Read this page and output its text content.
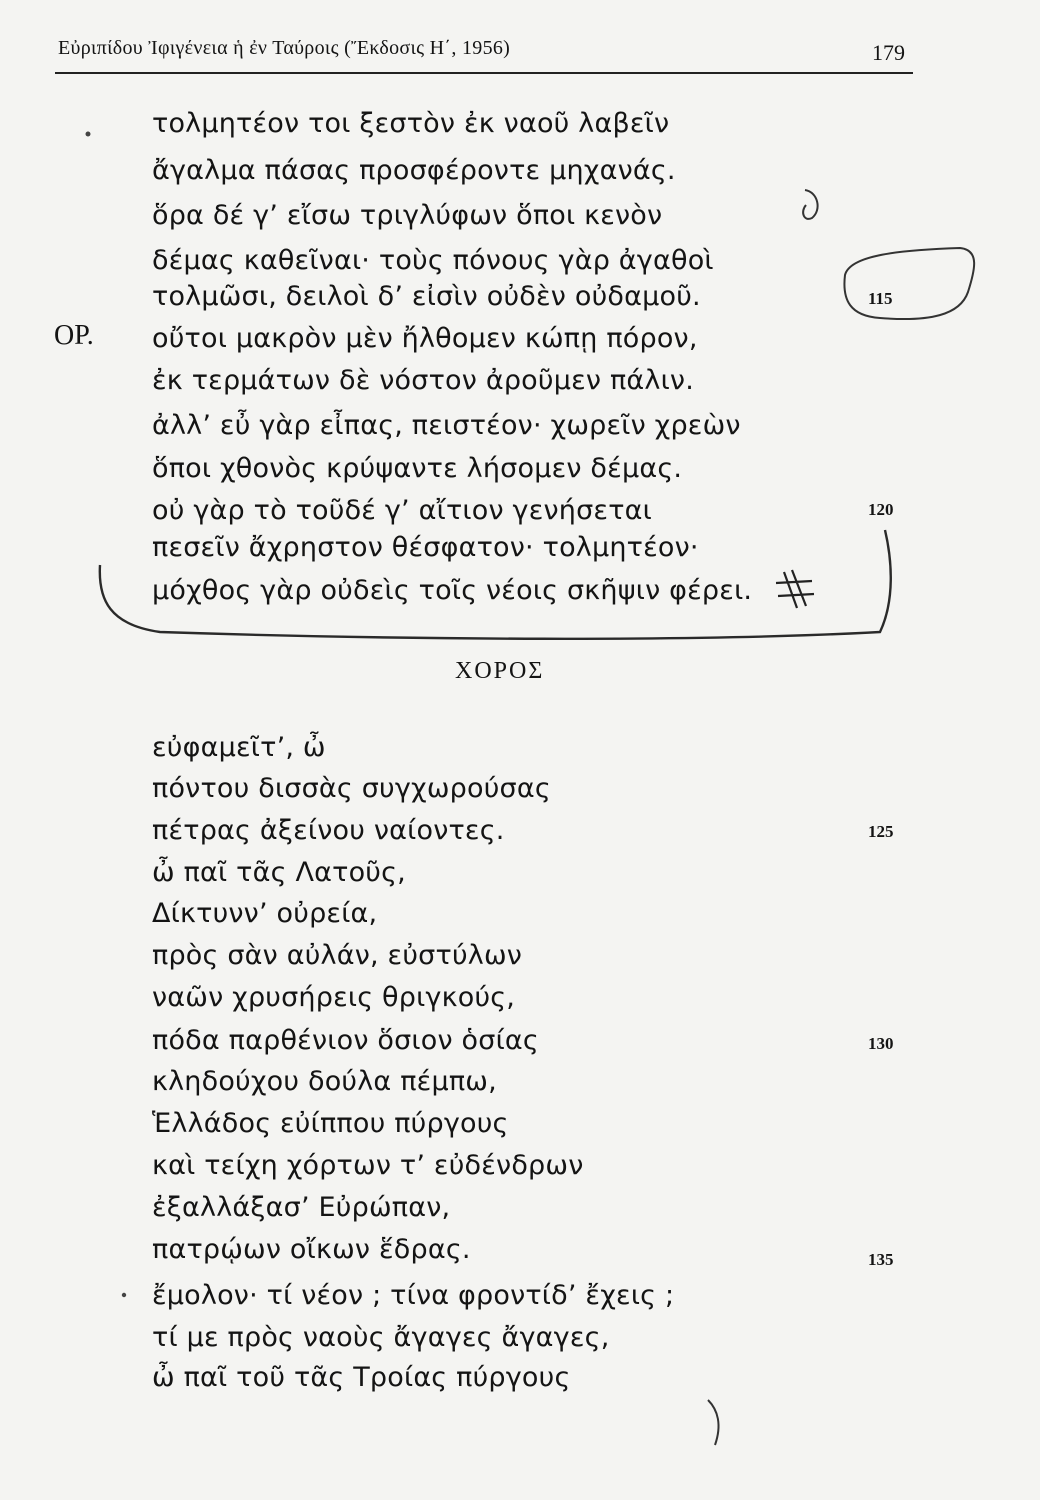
Εὐριπίδου Ἰφιγένεια ἡ ἐν Ταύροις (Ἔκδοσις Η΄, 1956)	179
ΟΡ.
τολμητέον τοι ξεστὸν ἐκ ναοῦ λαβεῖν
ἄγαλμα πάσας προσφέροντε μηχανάς.
ὅρα δέ γ’ εἴσω τριγλύφων ὅποι κενὸν
δέμας καθεῖναι· τοὺς πόνους γὰρ ἀγαθοὶ
τολμῶσι, δειλοὶ δ’ εἰσὶν οὐδὲν οὐδαμοῦ.
οὔτοι μακρὸν μὲν ἤλθομεν κώπῃ πόρον,
ἐκ τερμάτων δὲ νόστον ἀροῦμεν πάλιν.
ἀλλ’ εὖ γὰρ εἶπας, πειστέον· χωρεῖν χρεὼν
ὅποι χθονὸς κρύψαντε λήσομεν δέμας.
οὐ γὰρ τὸ τοῦδέ γ’ αἴτιον γενήσεται
πεσεῖν ἄχρηστον θέσφατον· τολμητέον·
μόχθος γὰρ οὐδεὶς τοῖς νέοις σκῆψιν φέρει.
ΧΟΡΟΣ
εὐφαμεῖτ’, ὦ
πόντου δισσὰς συγχωρούσας
πέτρας ἀξείνου ναίοντες.
ὦ παῖ τᾶς Λατοῦς,
Δίκτυνν’ οὐρεία,
πρὸς σὰν αὐλάν, εὐστύλων
ναῶν χρυσήρεις θριγκούς,
πόδα παρθένιον ὅσιον ὁσίας
κληδούχου δούλα πέμπω,
Ἑλλάδος εὐίππου πύργους
καὶ τείχη χόρτων τ’ εὐδένδρων
ἐξαλλάξασ’ Εὐρώπαν,
πατρῴων οἴκων ἕδρας.
ἔμολον· τί νέον ; τίνα φροντίδ’ ἔχεις ;
τί με πρὸς ναοὺς ἄγαγες ἄγαγες,
ὦ παῖ τοῦ τᾶς Τροίας πύργους
115
120
125
130
135
